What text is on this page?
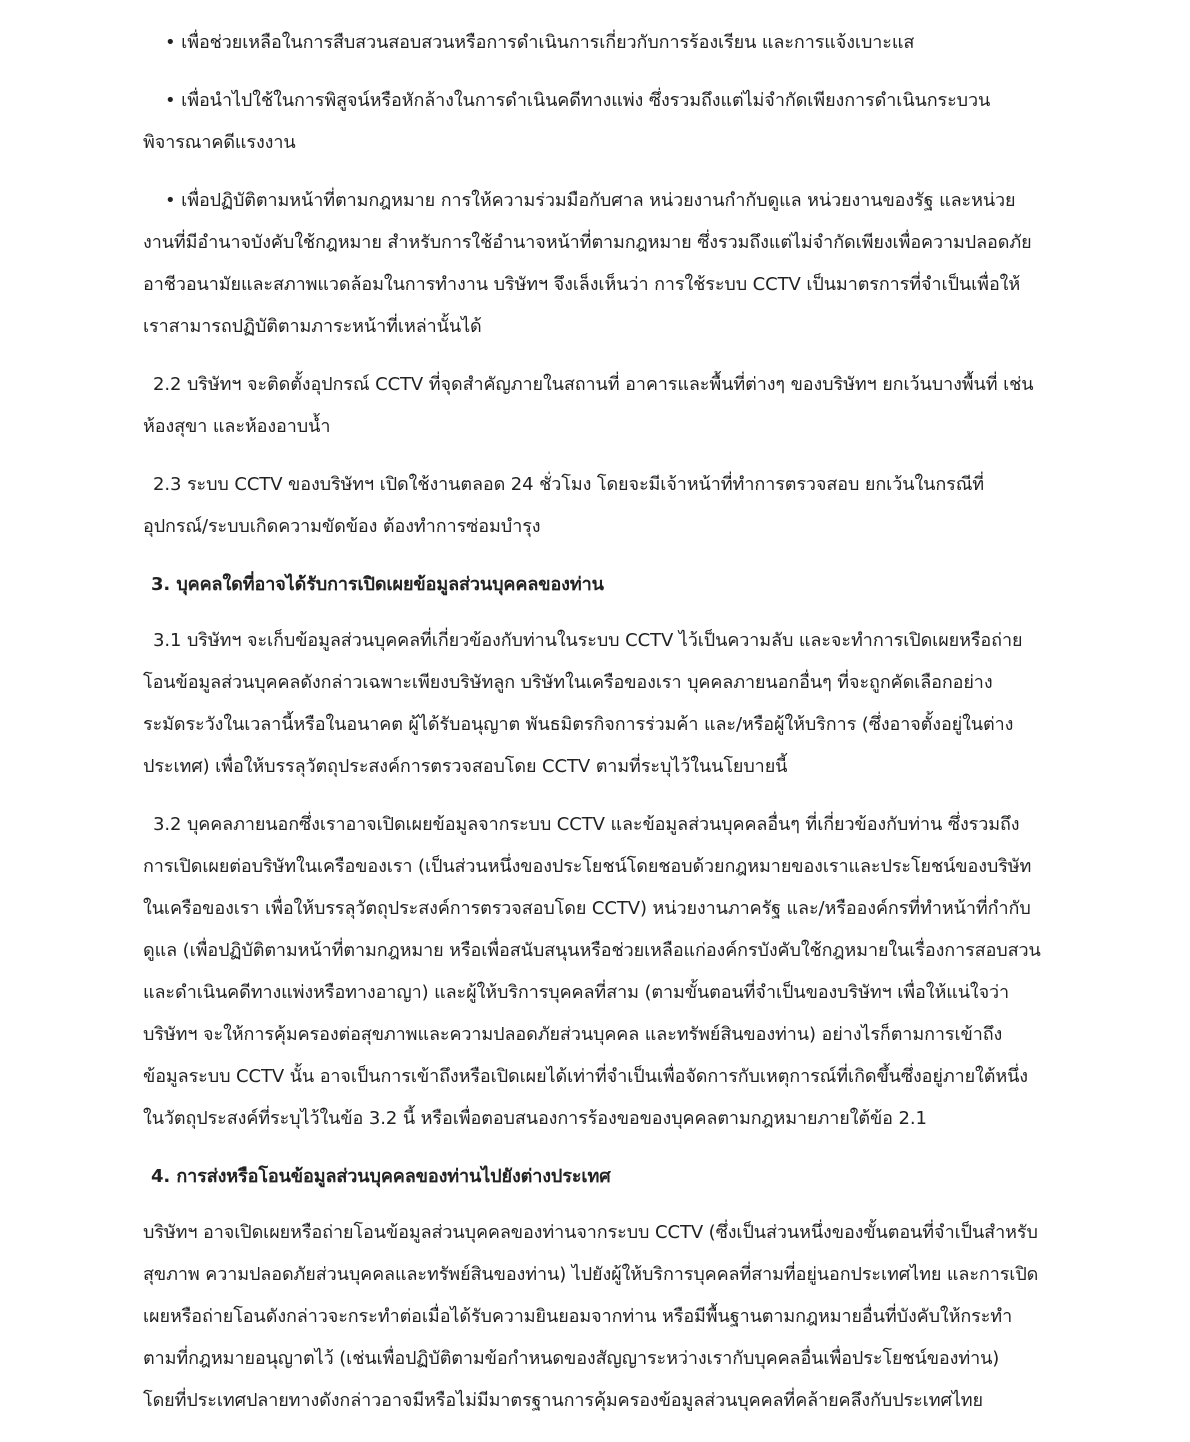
• เพื่อช่วยเหลือในการสืบสวนสอบสวนหรือการดำเนินการเกี่ยวกับการร้องเรียน และการแจ้งเบาะแส

• เพื่อนำไปใช้ในการพิสูจน์หรือหักล้างในการดำเนินคดีทางแพ่ง ซึ่งรวมถึงแต่ไม่จำกัดเพียงการดำเนินกระบวนพิจารณาคดีแรงงาน

• เพื่อปฏิบัติตามหน้าที่ตามกฎหมาย การให้ความร่วมมือกับศาล หน่วยงานกำกับดูแล หน่วยงานของรัฐ และหน่วยงานที่มีอำนาจบังคับใช้กฎหมาย สำหรับการใช้อำนาจหน้าที่ตามกฎหมาย ซึ่งรวมถึงแต่ไม่จำกัดเพียงเพื่อความปลอดภัย อาชีวอนามัยและสภาพแวดล้อมในการทำงาน บริษัทฯ จึงเล็งเห็นว่า การใช้ระบบ CCTV เป็นมาตรการที่จำเป็นเพื่อให้เราสามารถปฏิบัติตามภาระหน้าที่เหล่านั้นได้

2.2 บริษัทฯ จะติดตั้งอุปกรณ์ CCTV ที่จุดสำคัญภายในสถานที่ อาคารและพื้นที่ต่างๆ ของบริษัทฯ ยกเว้นบางพื้นที่ เช่น ห้องสุขา และห้องอาบน้ำ

2.3 ระบบ CCTV ของบริษัทฯ เปิดใช้งานตลอด 24 ชั่วโมง โดยจะมีเจ้าหน้าที่ทำการตรวจสอบ ยกเว้นในกรณีที่อุปกรณ์/ระบบเกิดความขัดข้อง ต้องทำการซ่อมบำรุง

3. บุคคลใดที่อาจได้รับการเปิดเผยข้อมูลส่วนบุคคลของท่าน

3.1 บริษัทฯ จะเก็บข้อมูลส่วนบุคคลที่เกี่ยวข้องกับท่านในระบบ CCTV ไว้เป็นความลับ และจะทำการเปิดเผยหรือถ่ายโอนข้อมูลส่วนบุคคลดังกล่าวเฉพาะเพียงบริษัทลูก บริษัทในเครือของเรา บุคคลภายนอกอื่นๆ ที่จะถูกคัดเลือกอย่างระมัดระวังในเวลานี้หรือในอนาคต ผู้ได้รับอนุญาต พันธมิตรกิจการร่วมค้า และ/หรือผู้ให้บริการ (ซึ่งอาจตั้งอยู่ในต่างประเทศ) เพื่อให้บรรลุวัตถุประสงค์การตรวจสอบโดย CCTV ตามที่ระบุไว้ในนโยบายนี้

3.2 บุคคลภายนอกซึ่งเราอาจเปิดเผยข้อมูลจากระบบ CCTV และข้อมูลส่วนบุคคลอื่นๆ ที่เกี่ยวข้องกับท่าน ซึ่งรวมถึงการเปิดเผยต่อบริษัทในเครือของเรา (เป็นส่วนหนึ่งของประโยชน์โดยชอบด้วยกฎหมายของเราและประโยชน์ของบริษัทในเครือของเรา เพื่อให้บรรลุวัตถุประสงค์การตรวจสอบโดย CCTV) หน่วยงานภาครัฐ และ/หรือองค์กรที่ทำหน้าที่กำกับดูแล (เพื่อปฏิบัติตามหน้าที่ตามกฎหมาย หรือเพื่อสนับสนุนหรือช่วยเหลือแก่องค์กรบังคับใช้กฎหมายในเรื่องการสอบสวนและดำเนินคดีทางแพ่งหรือทางอาญา) และผู้ให้บริการบุคคลที่สาม (ตามขั้นตอนที่จำเป็นของบริษัทฯ เพื่อให้แน่ใจว่า บริษัทฯ จะให้การคุ้มครองต่อสุขภาพและความปลอดภัยส่วนบุคคล และทรัพย์สินของท่าน) อย่างไรก็ตามการเข้าถึงข้อมูลระบบ CCTV นั้น อาจเป็นการเข้าถึงหรือเปิดเผยได้เท่าที่จำเป็นเพื่อจัดการกับเหตุการณ์ที่เกิดขึ้นซึ่งอยู่ภายใต้หนึ่งในวัตถุประสงค์ที่ระบุไว้ในข้อ 3.2 นี้ หรือเพื่อตอบสนองการร้องขอของบุคคลตามกฎหมายภายใต้ข้อ 2.1

4. การส่งหรือโอนข้อมูลส่วนบุคคลของท่านไปยังต่างประเทศ

บริษัทฯ อาจเปิดเผยหรือถ่ายโอนข้อมูลส่วนบุคคลของท่านจากระบบ CCTV (ซึ่งเป็นส่วนหนึ่งของขั้นตอนที่จำเป็นสำหรับสุขภาพ ความปลอดภัยส่วนบุคคลและทรัพย์สินของท่าน) ไปยังผู้ให้บริการบุคคลที่สามที่อยู่นอกประเทศไทย และการเปิดเผยหรือถ่ายโอนดังกล่าวจะกระทำต่อเมื่อได้รับความยินยอมจากท่าน หรือมีพื้นฐานตามกฎหมายอื่นที่บังคับให้กระทำตามที่กฎหมายอนุญาตไว้ (เช่นเพื่อปฏิบัติตามข้อกำหนดของสัญญาระหว่างเรากับบุคคลอื่นเพื่อประโยชน์ของท่าน) โดยที่ประเทศปลายทางดังกล่าวอาจมีหรือไม่มีมาตรฐานการคุ้มครองข้อมูลส่วนบุคคลที่คล้ายคลึงกับประเทศไทย
